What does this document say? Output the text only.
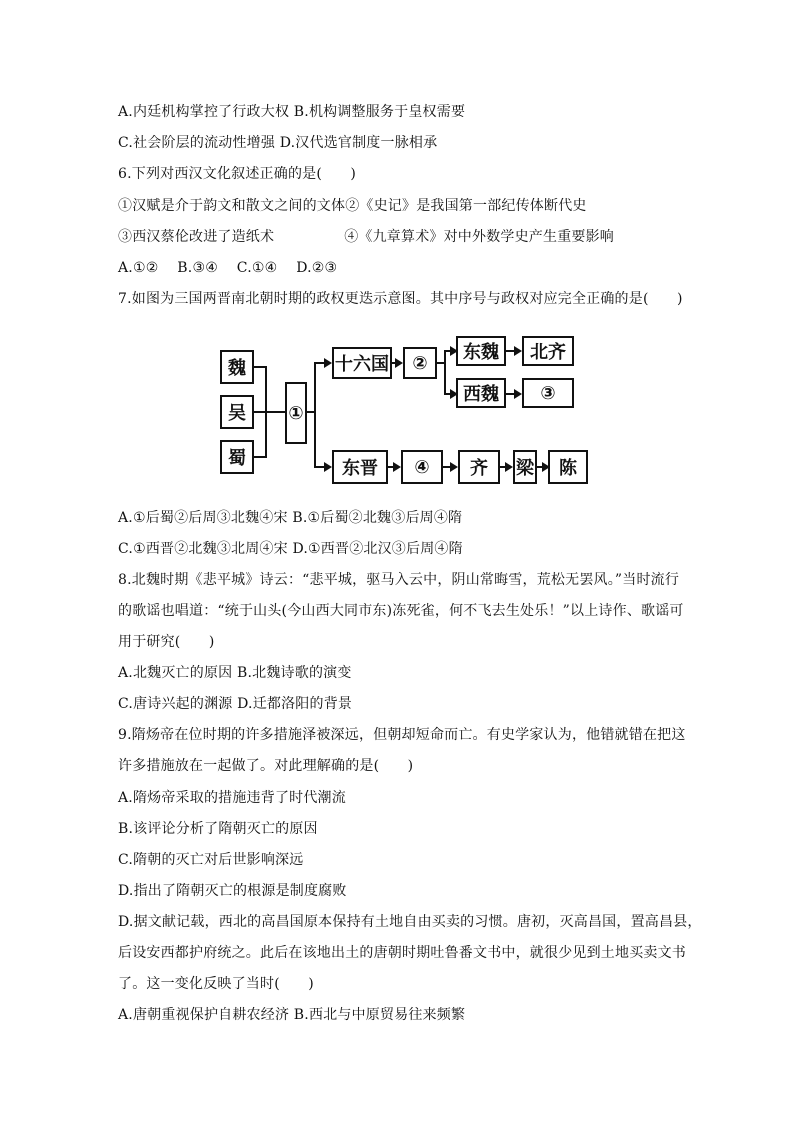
A.内廷机构掌控了行政大权 B.机构调整服务于皇权需要
C.社会阶层的流动性增强 D.汉代选官制度一脉相承
6.下列对西汉文化叙述正确的是(　　)
①汉赋是介于韵文和散文之间的文体②《史记》是我国第一部纪传体断代史
③西汉蔡伦改进了造纸术	④《九章算术》对中外数学史产生重要影响
A.①②　 B.③④　 C.①④　 D.②③
7.如图为三国两晋南北朝时期的政权更迭示意图。其中序号与政权对应完全正确的是(　　)
A.①后蜀②后周③北魏④宋 B.①后蜀②北魏③后周④隋
C.①西晋②北魏③北周④宋 D.①西晋②北汉③后周④隋
8.北魏时期《悲平城》诗云：“悲平城，驱马入云中，阴山常晦雪，荒松无罢风。”当时流行
的歌谣也唱道：“统于山头(今山西大同市东)冻死雀，何不飞去生处乐！”以上诗作、歌谣可
用于研究(　　)
A.北魏灭亡的原因 B.北魏诗歌的演变
C.唐诗兴起的渊源 D.迁都洛阳的背景
9.隋炀帝在位时期的许多措施泽被深远，但朝却短命而亡。有史学家认为，他错就错在把这
许多措施放在一起做了。对此理解确的是(　　)
A.隋炀帝采取的措施违背了时代潮流
B.该评论分析了隋朝灭亡的原因
C.隋朝的灭亡对后世影响深远
D.指出了隋朝灭亡的根源是制度腐败
D.据文献记载，西北的高昌国原本保持有土地自由买卖的习惯。唐初，灭高昌国，置高昌县，
后设安西都护府统之。此后在该地出土的唐朝时期吐鲁番文书中，就很少见到土地买卖文书
了。这一变化反映了当时(　　)
A.唐朝重视保护自耕农经济 B.西北与中原贸易往来频繁
魏
吴
蜀
①
十六国	②	东魏	北齐
西魏	③
东晋	④	齐	梁	陈
